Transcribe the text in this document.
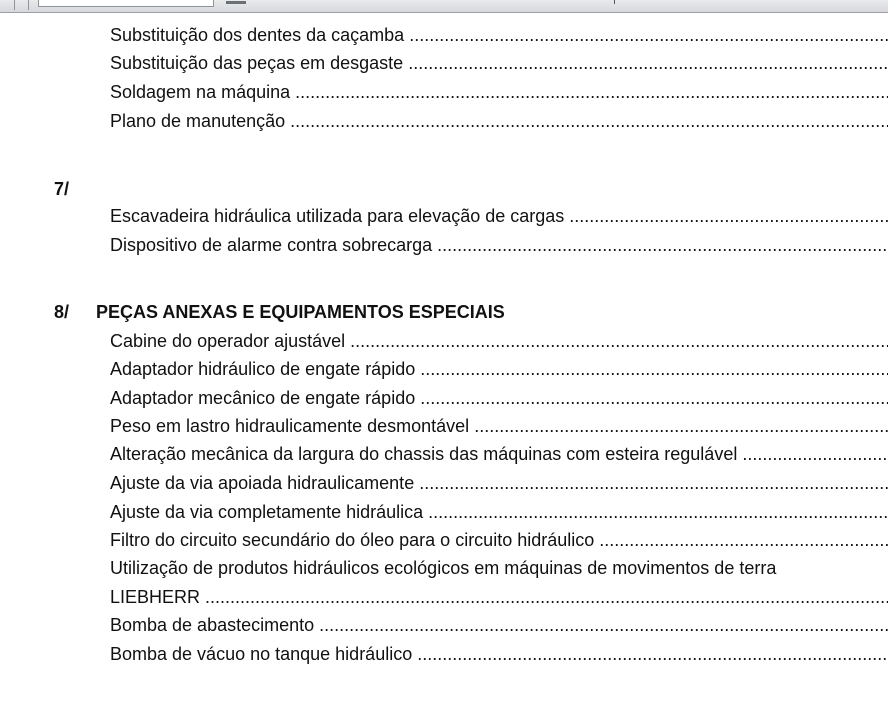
Substituição dos dentes da caçamba .....
Substituição das peças em desgaste .....
Soldagem na máquina .....
Plano de manutenção .....
7/
Escavadeira hidráulica utilizada para elevação de cargas .....
Dispositivo de alarme contra sobrecarga .....
8/ PEÇAS ANEXAS E EQUIPAMENTOS ESPECIAIS
Cabine do operador ajustável .....
Adaptador hidráulico de engate rápido .....
Adaptador mecânico de engate rápido .....
Peso em lastro hidraulicamente desmontável .....
Alteração mecânica da largura do chassis das máquinas com esteira regulável .....
Ajuste da via apoiada hidraulicamente .....
Ajuste da via completamente hidráulica .....
Filtro do circuito secundário do óleo para o circuito hidráulico .....
Utilização de produtos hidráulicos ecológicos em máquinas de movimentos de terra
LIEBHERR .....
Bomba de abastecimento .....
Bomba de vácuo no tanque hidráulico .....
